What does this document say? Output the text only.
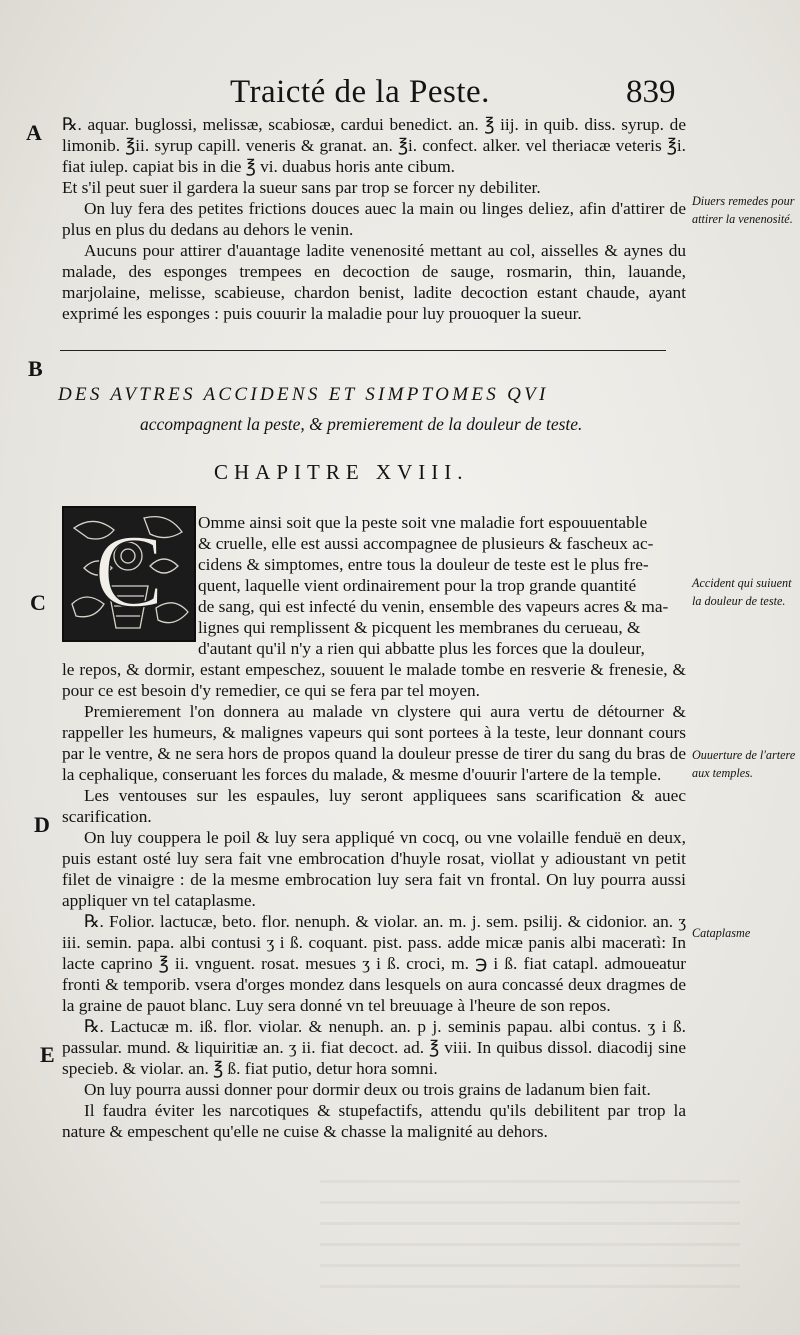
Traicté de la Peste.	839
A
B
C
D
E

℞. aquar. buglossi, melissæ, scabiosæ, cardui benedict. an. ℥ iij. in quib. diss. syrup. de limonib. ℥ii. syrup capill. veneris & granat. an. ℥i. confect. alker. vel theriacæ veteris ℥i. fiat iulep. capiat bis in die ℥ vi. duabus horis ante cibum.

Et s'il peut suer il gardera la sueur sans par trop se forcer ny debiliter.

On luy fera des petites frictions douces auec la main ou linges deliez, afin d'attirer de plus en plus du dedans au dehors le venin.

Aucuns pour attirer d'auantage ladite venenosité mettant au col, aisselles & aynes du malade, des esponges trempees en decoction de sauge, rosmarin, thin, lauande, marjolaine, melisse, scabieuse, chardon benist, ladite decoction estant chaude, ayant exprimé les esponges : puis couurir la maladie pour luy prouoquer la sueur.

Diuers remedes pour attirer la venenosité.
DES AVTRES ACCIDENS ET SIMPTOMES QVI
accompagnent la peste, & premierement de la douleur de teste.
CHAPITRE XVIII.
C Omme ainsi soit que la peste soit vne maladie fort espouuentable

& cruelle, elle est aussi accompagnee de plusieurs & fascheux ac-

cidens & simptomes, entre tous la douleur de teste est le plus fre-

quent, laquelle vient ordinairement pour la trop grande quantité

de sang, qui est infecté du venin, ensemble des vapeurs acres & ma-

lignes qui remplissent & picquent les membranes du cerueau, &

d'autant qu'il n'y a rien qui abbatte plus les forces que la douleur,

Accident qui suiuent la douleur de teste.

le repos, & dormir, estant empeschez, souuent le malade tombe en resverie & frenesie, & pour ce est besoin d'y remedier, ce qui se fera par tel moyen.

Premierement l'on donnera au malade vn clystere qui aura vertu de détourner & rappeller les humeurs, & malignes vapeurs qui sont portees à la teste, leur donnant cours par le ventre, & ne sera hors de propos quand la douleur presse de tirer du sang du bras de la cephalique, conseruant les forces du malade, & mesme d'ouurir l'artere de la temple.

Les ventouses sur les espaules, luy seront appliquees sans scarification & auec scarification.

On luy couppera le poil & luy sera appliqué vn cocq, ou vne volaille fenduë en deux, puis estant osté luy sera fait vne embrocation d'huyle rosat, viollat y adioustant vn petit filet de vinaigre : de la mesme embrocation luy sera fait vn frontal. On luy pourra aussi appliquer vn tel cataplasme.

℞. Folior. lactucæ, beto. flor. nenuph. & violar. an. m. j. sem. psilij. & cidonior. an. ʒ iii. semin. papa. albi contusi ʒ i ß. coquant. pist. pass. adde micæ panis albi maceratì: In lacte caprino ℥ ii. vnguent. rosat. mesues ʒ i ß. croci, m. ℈ i ß. fiat catapl. admoueatur fronti & temporib. vsera d'orges mondez dans lesquels on aura concassé deux dragmes de la graine de pauot blanc. Luy sera donné vn tel breuuage à l'heure de son repos.

℞. Lactucæ m. iß. flor. violar. & nenuph. an. p j. seminis papau. albi contus. ʒ i ß. passular. mund. & liquiritiæ an. ʒ ii. fiat decoct. ad. ℥ viii. In quibus dissol. diacodij sine specieb. & violar. an. ℥ ß. fiat putio, detur hora somni.

On luy pourra aussi donner pour dormir deux ou trois grains de ladanum bien fait.

Il faudra éviter les narcotiques & stupefactifs, attendu qu'ils debilitent par trop la nature & empeschent qu'elle ne cuise & chasse la malignité au dehors.

Ouuerture de l'artere aux temples.
Cataplasme
